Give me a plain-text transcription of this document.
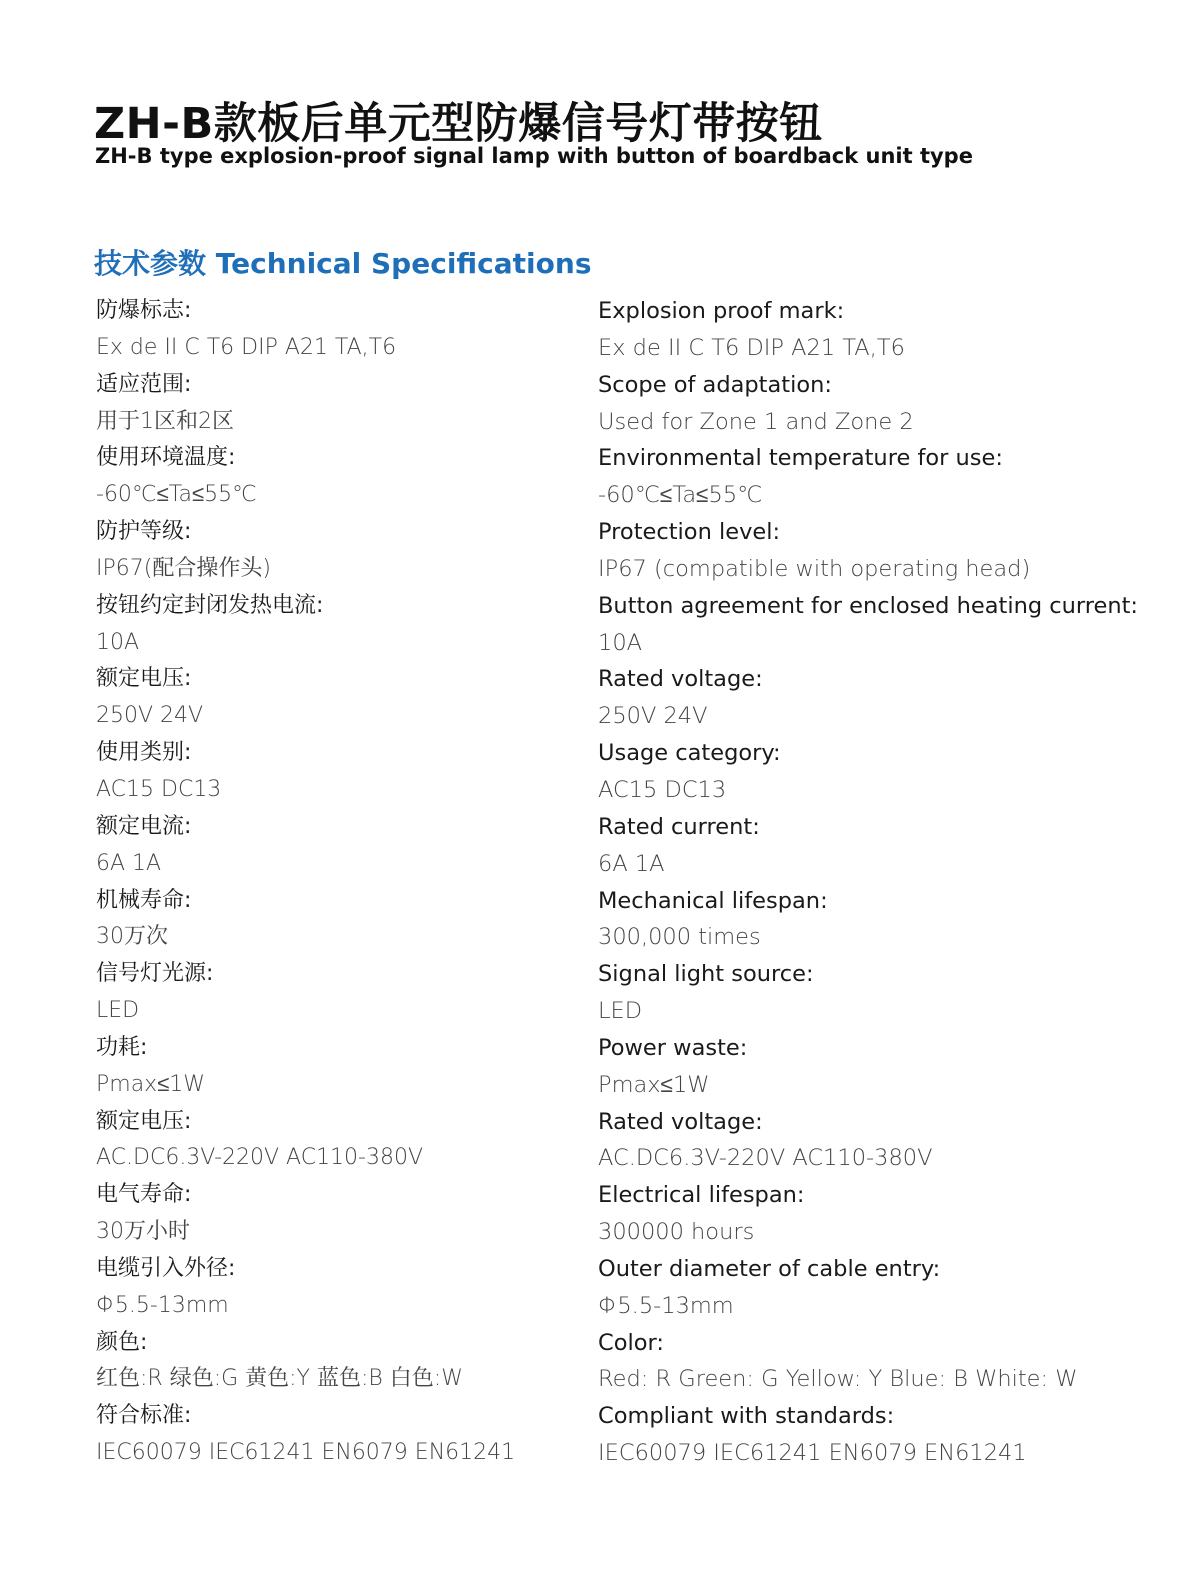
ZH-B款板后单元型防爆信号灯带按钮
ZH-B type explosion-proof signal lamp with button of boardback unit type
技术参数 Technical Specifications
防爆标志:
Ex de II C T6 DIP A21 TA,T6
适应范围:
用于1区和2区
使用环境温度:
-60℃≤Ta≤55℃
防护等级:
IP67(配合操作头)
按钮约定封闭发热电流:
10A
额定电压:
250V 24V
使用类别:
AC15 DC13
额定电流:
6A 1A
机械寿命:
30万次
信号灯光源:
LED
功耗:
Pmax≤1W
额定电压:
AC.DC6.3V-220V AC110-380V
电气寿命:
30万小时
电缆引入外径:
Φ5.5-13mm
颜色:
红色:R 绿色:G 黄色:Y 蓝色:B 白色:W
符合标准:
IEC60079 IEC61241 EN6079 EN61241
Explosion proof mark:
Ex de II C T6 DIP A21 TA,T6
Scope of adaptation:
Used for Zone 1 and Zone 2
Environmental temperature for use:
-60℃≤Ta≤55℃
Protection level:
IP67 (compatible with operating head)
Button agreement for enclosed heating current:
10A
Rated voltage:
250V 24V
Usage category:
AC15 DC13
Rated current:
6A 1A
Mechanical lifespan:
300,000 times
Signal light source:
LED
Power waste:
Pmax≤1W
Rated voltage:
AC.DC6.3V-220V AC110-380V
Electrical lifespan:
300000 hours
Outer diameter of cable entry:
Φ5.5-13mm
Color:
Red: R Green: G Yellow: Y Blue: B White: W
Compliant with standards:
IEC60079 IEC61241 EN6079 EN61241
